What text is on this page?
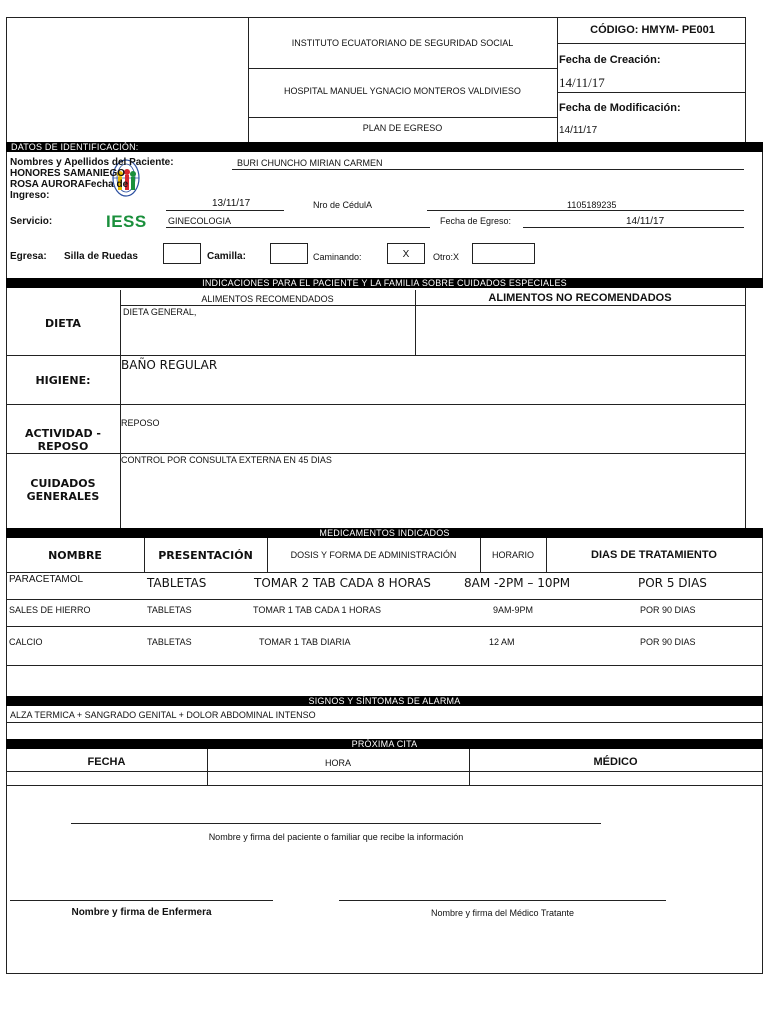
CÓDIGO: HMYM- PE001
INSTITUTO ECUATORIANO DE SEGURIDAD SOCIAL
HOSPITAL MANUEL YGNACIO MONTEROS VALDIVIESO
PLAN DE EGRESO
Fecha de Creación:
14/11/17
Fecha de Modificación:
14/11/17
DATOS DE IDENTIFICACIÓN:
IESS
Nombres y Apellidos del Paciente:
HONORES SAMANIEGO
ROSA AURORAFecha de
Ingreso:
BURI CHUNCHO MIRIAN CARMEN
13/11/17	Nro de CédulA	1105189235
Servicio:	GINECOLOGIA	Fecha de Egreso:	14/11/17
Egresa: Silla de Ruedas	Camilla:	Caminando:	X	Otro:X
INDICACIONES PARA EL PACIENTE Y LA FAMILIA SOBRE CUIDADOS ESPECIALES
ALIMENTOS RECOMENDADOS	ALIMENTOS NO RECOMENDADOS
DIETA
DIETA GENERAL,
HIGIENE:
BAÑO REGULAR
ACTIVIDAD -
REPOSO
REPOSO
CUIDADOS
GENERALES
CONTROL POR CONSULTA EXTERNA EN 45 DIAS
MEDICAMENTOS INDICADOS
NOMBRE	PRESENTACIÓN	DOSIS Y FORMA DE ADMINISTRACIÓN	HORARIO	DIAS DE TRATAMIENTO
PARACETAMOL	TABLETAS	TOMAR 2 TAB CADA 8 HORAS	8AM -2PM – 10PM	POR 5 DIAS
SALES DE HIERRO	TABLETAS	TOMAR 1 TAB CADA 1 HORAS	9AM-9PM	POR 90 DIAS
CALCIO	TABLETAS	TOMAR 1 TAB DIARIA	12 AM	POR 90 DIAS
SIGNOS Y SÍNTOMAS DE ALARMA
ALZA TERMICA + SANGRADO GENITAL + DOLOR ABDOMINAL INTENSO
PRÓXIMA CITA
FECHA	HORA	MÉDICO
Nombre y firma del paciente o familiar que recibe la información
Nombre y firma de Enfermera	Nombre y firma del Médico Tratante
